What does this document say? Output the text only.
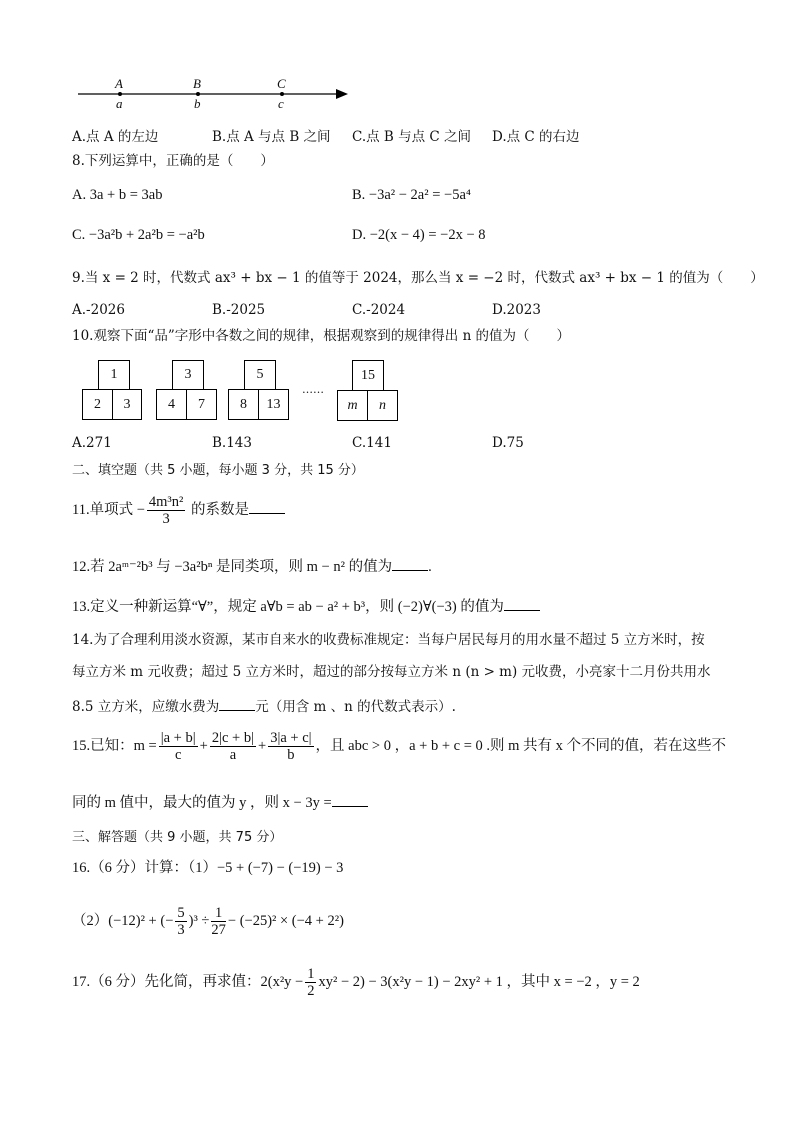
A	B	C
a	b	c
A.点 A 的左边	B.点 A 与点 B 之间 C.点 B 与点 C 之间 D.点 C 的右边
8.下列运算中，正确的是（　　）
A. 3a + b = 3ab	B. −3a² − 2a² = −5a⁴
C. −3a²b + 2a²b = −a²b	D. −2(x − 4) = −2x − 8
9.当 x = 2 时，代数式 ax³ + bx − 1 的值等于 2024，那么当 x = −2 时，代数式 ax³ + bx − 1 的值为（　　）
A.-2026	B.-2025	C.-2024	D.2023
10.观察下面“品”字形中各数之间的规律，根据观察到的规律得出 n 的值为（　　）
1
2	3
3
4	7
5
8	13
……
15
m	n
A.271	B.143	C.141	D.75
二、填空题（共 5 小题，每小题 3 分，共 15 分）
11.单项式 − $\frac{\text{4m³n²}}{3}$ 的系数是
12.若 2aᵐ⁻²b³ 与 −3a²bⁿ 是同类项，则 m − n² 的值为 .
13.定义一种新运算“∀”，规定 a∀b = ab − a² + b³，则 (−2)∀(−3) 的值为
14.为了合理利用淡水资源，某市自来水的收费标准规定：当每户居民每月的用水量不超过 5 立方米时，按
每立方米 m 元收费；超过 5 立方米时，超过的部分按每立方米 n (n > m) 元收费，小亮家十二月份共用水
8.5 立方米，应缴水费为	元（用含 m 、n 的代数式表示）.
15.已知：$m = \frac{|a + b|}{c} + \frac{2|c + b|}{a} + \frac{3|a + c|}{b}$ ，且 abc > 0 ，a + b + c = 0 .则 m 共有 x 个不同的值，若在这些不
同的 m 值中，最大的值为 y ，则 x − 3y =
三、解答题（共 9 小题，共 75 分）
16.（6 分）计算：（1）−5 + (−7) − (−19) − 3
（2）(−12)² + (− $\frac{5}{3} )^3 \div \frac{1}{27} - (-25)^2 \times (-4 + 2^2)$
17.（6 分）先化简，再求值：$2(x^2y - \frac{1}{2} xy^2 - 2) - 3(x^2y - 1) - 2xy^2 + 1$ ，其中 x = −2 ，y = 2
